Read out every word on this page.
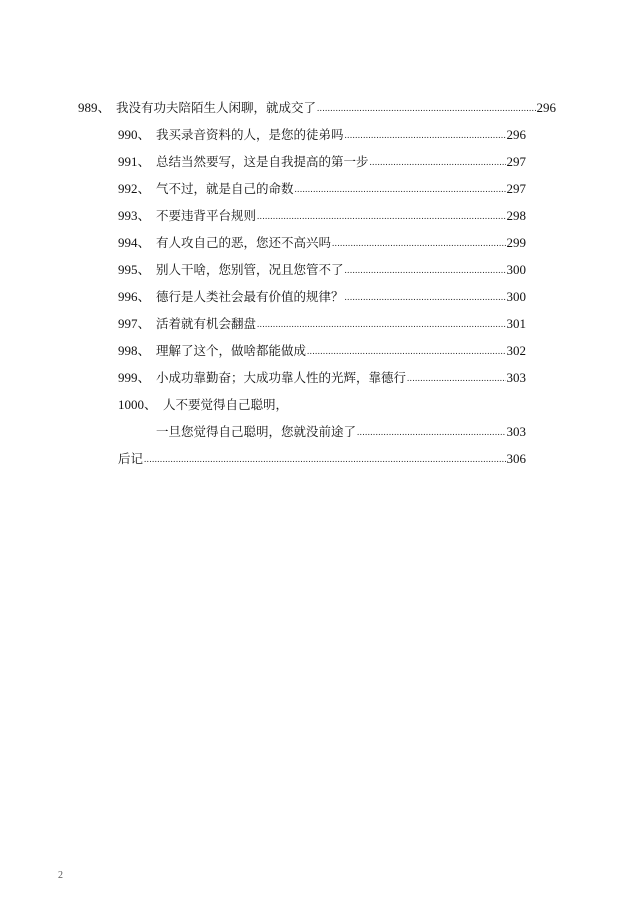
989、 我没有功夫陪陌生人闲聊，就成交了 .....	296
990、 我买录音资料的人，是您的徒弟吗 .....	296
991、 总结当然要写，这是自我提高的第一步 .....	297
992、 气不过，就是自己的命数 .....	297
993、 不要违背平台规则 .....	298
994、 有人攻自己的恶，您还不高兴吗 .....	299
995、 别人干啥，您别管，况且您管不了 .....	300
996、 德行是人类社会最有价值的规律？ .....	300
997、 活着就有机会翻盘 .....	301
998、 理解了这个，做啥都能做成 .....	302
999、 小成功靠勤奋；大成功靠人性的光辉，靠德行 .....	303
1000、 人不要觉得自己聪明，
一旦您觉得自己聪明，您就没前途了 .....	303
后记 .....	306
2
